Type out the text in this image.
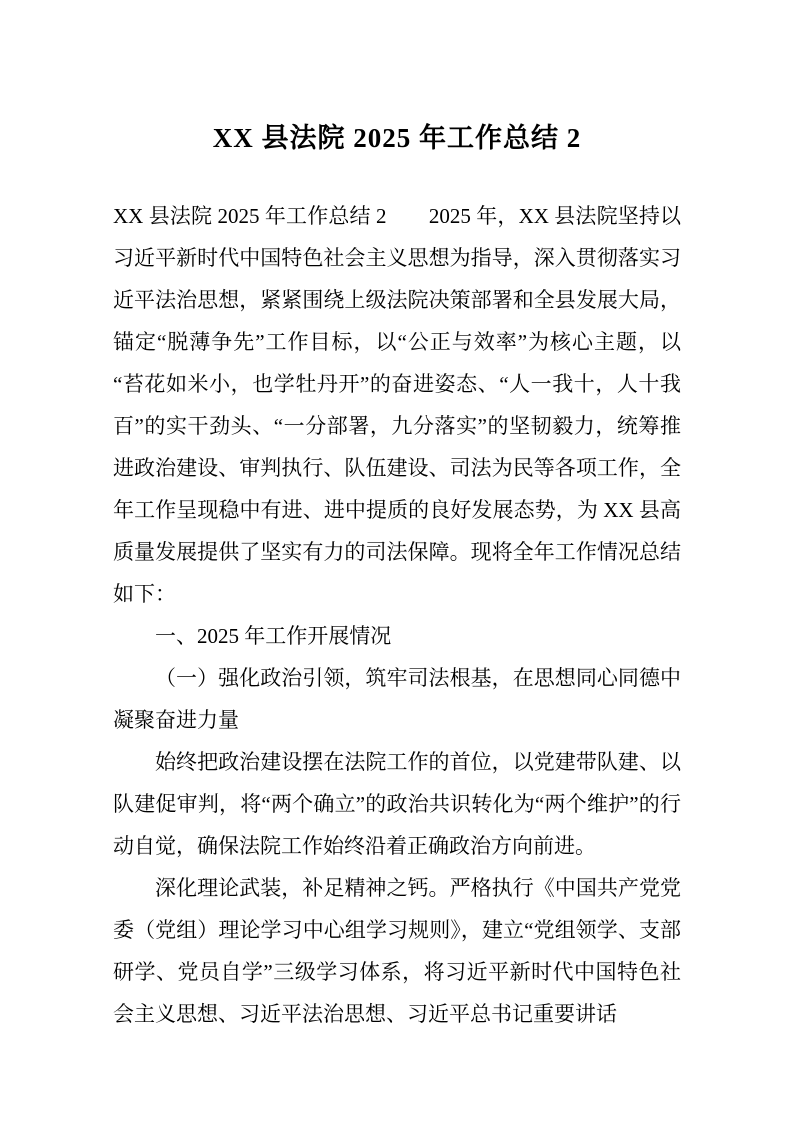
XX 县法院 2025 年工作总结 2

XX 县法院 2025 年工作总结 2　　2025 年，XX 县法院坚持以习近平新时代中国特色社会主义思想为指导，深入贯彻落实习近平法治思想，紧紧围绕上级法院决策部署和全县发展大局，锚定“脱薄争先”工作目标，以“公正与效率”为核心主题，以“苔花如米小，也学牡丹开”的奋进姿态、“人一我十，人十我百”的实干劲头、“一分部署，九分落实”的坚韧毅力，统筹推进政治建设、审判执行、队伍建设、司法为民等各项工作，全年工作呈现稳中有进、进中提质的良好发展态势，为 XX 县高质量发展提供了坚实有力的司法保障。现将全年工作情况总结如下：

一、2025 年工作开展情况

（一）强化政治引领，筑牢司法根基，在思想同心同德中凝聚奋进力量

始终把政治建设摆在法院工作的首位，以党建带队建、以队建促审判，将“两个确立”的政治共识转化为“两个维护”的行动自觉，确保法院工作始终沿着正确政治方向前进。

深化理论武装，补足精神之钙。严格执行《中国共产党党委（党组）理论学习中心组学习规则》，建立“党组领学、支部研学、党员自学”三级学习体系，将习近平新时代中国特色社会主义思想、习近平法治思想、习近平总书记重要讲话
